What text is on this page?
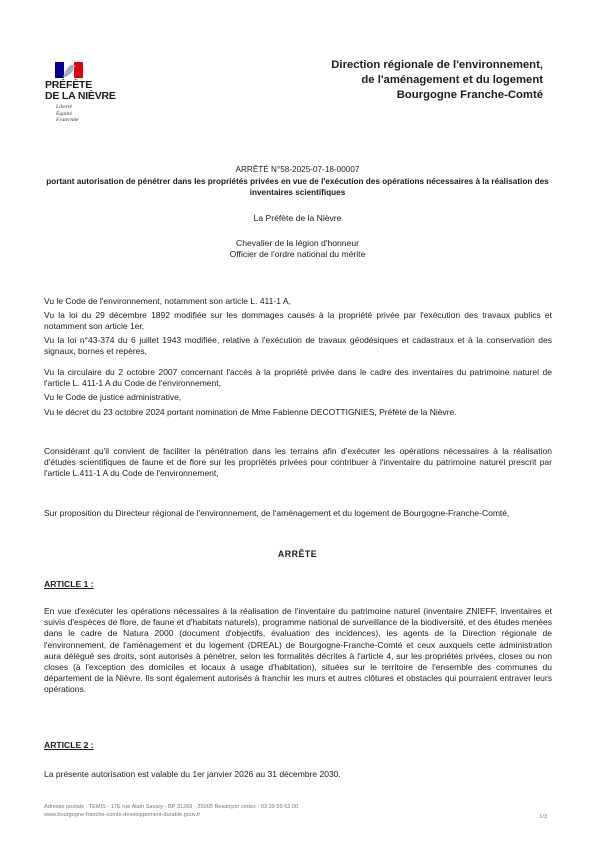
PRÉFÈTE
DE LA NIÈVRE
Liberté
Égalité
Fraternité
Direction régionale de l'environnement,
de l'aménagement et du logement
Bourgogne Franche-Comté
ARRÊTÉ N°58-2025-07-18-00007
portant autorisation de pénétrer dans les propriétés privées en vue de l'exécution des opérations nécessaires à la réalisation des inventaires scientifiques
La Préfète de la Nièvre
Chevalier de la légion d'honneur
Officier de l'ordre national du mérite
Vu le Code de l'environnement, notamment son article L. 411-1 A,
Vu la loi du 29 décembre 1892 modifiée sur les dommages causés à la propriété privée par l'exécution des travaux publics et notamment son article 1er,
Vu la loi n°43-374 du 6 juillet 1943 modifiée, relative à l'exécution de travaux géodésiques et cadastraux et à la conservation des signaux, bornes et repères,
Vu la circulaire du 2 octobre 2007 concernant l'accès à la propriété privée dans le cadre des inventaires du patrimoine naturel de l'article L. 411-1 A du Code de l'environnement,
Vu le Code de justice administrative,
Vu le décret du 23 octobre 2024 portant nomination de Mme Fabienne DECOTTIGNIES, Préfète de la Nièvre.
Considérant qu'il convient de faciliter la pénétration dans les terrains afin d'exécuter les opérations nécessaires à la réalisation d'études scientifiques de faune et de flore sur les propriétés privées pour contribuer à l'inventaire du patrimoine naturel prescrit par l'article L.411-1 A du Code de l'environnement,
Sur proposition du Directeur régional de l'environnement, de l'aménagement et du logement de Bourgogne-Franche-Comté,
ARRÊTE
ARTICLE 1 :
En vue d'exécuter les opérations nécessaires à la réalisation de l'inventaire du patrimoine naturel (inventaire ZNIEFF, inventaires et suivis d'espèces de flore, de faune et d'habitats naturels), programme national de surveillance de la biodiversité, et des études menées dans le cadre de Natura 2000 (document d'objectifs, évaluation des incidences), les agents de la Direction régionale de l'environnement, de l'aménagement et du logement (DREAL) de Bourgogne-Franche-Comté et ceux auxquels cette administration aura délégué ses droits, sont autorisés à pénétrer, selon les formalités décrites à l'article 4, sur les propriétés privées, closes ou non closes (à l'exception des domiciles et locaux à usage d'habitation), situées sur le territoire de l'ensemble des communes du département de la Nièvre. Ils sont également autorisés à franchir les murs et autres clôtures et obstacles qui pourraient entraver leurs opérations.
ARTICLE 2 :
La présente autorisation est valable du 1er janvier 2026 au 31 décembre 2030.
Adresse postale : TEMIS - 17E rue Alain Savary - BP 31269 - 25005 Besançon cedex - 03 39 59 62 00
www.bourgogne-franche-comte.developpement-durable.gouv.fr	1/3
